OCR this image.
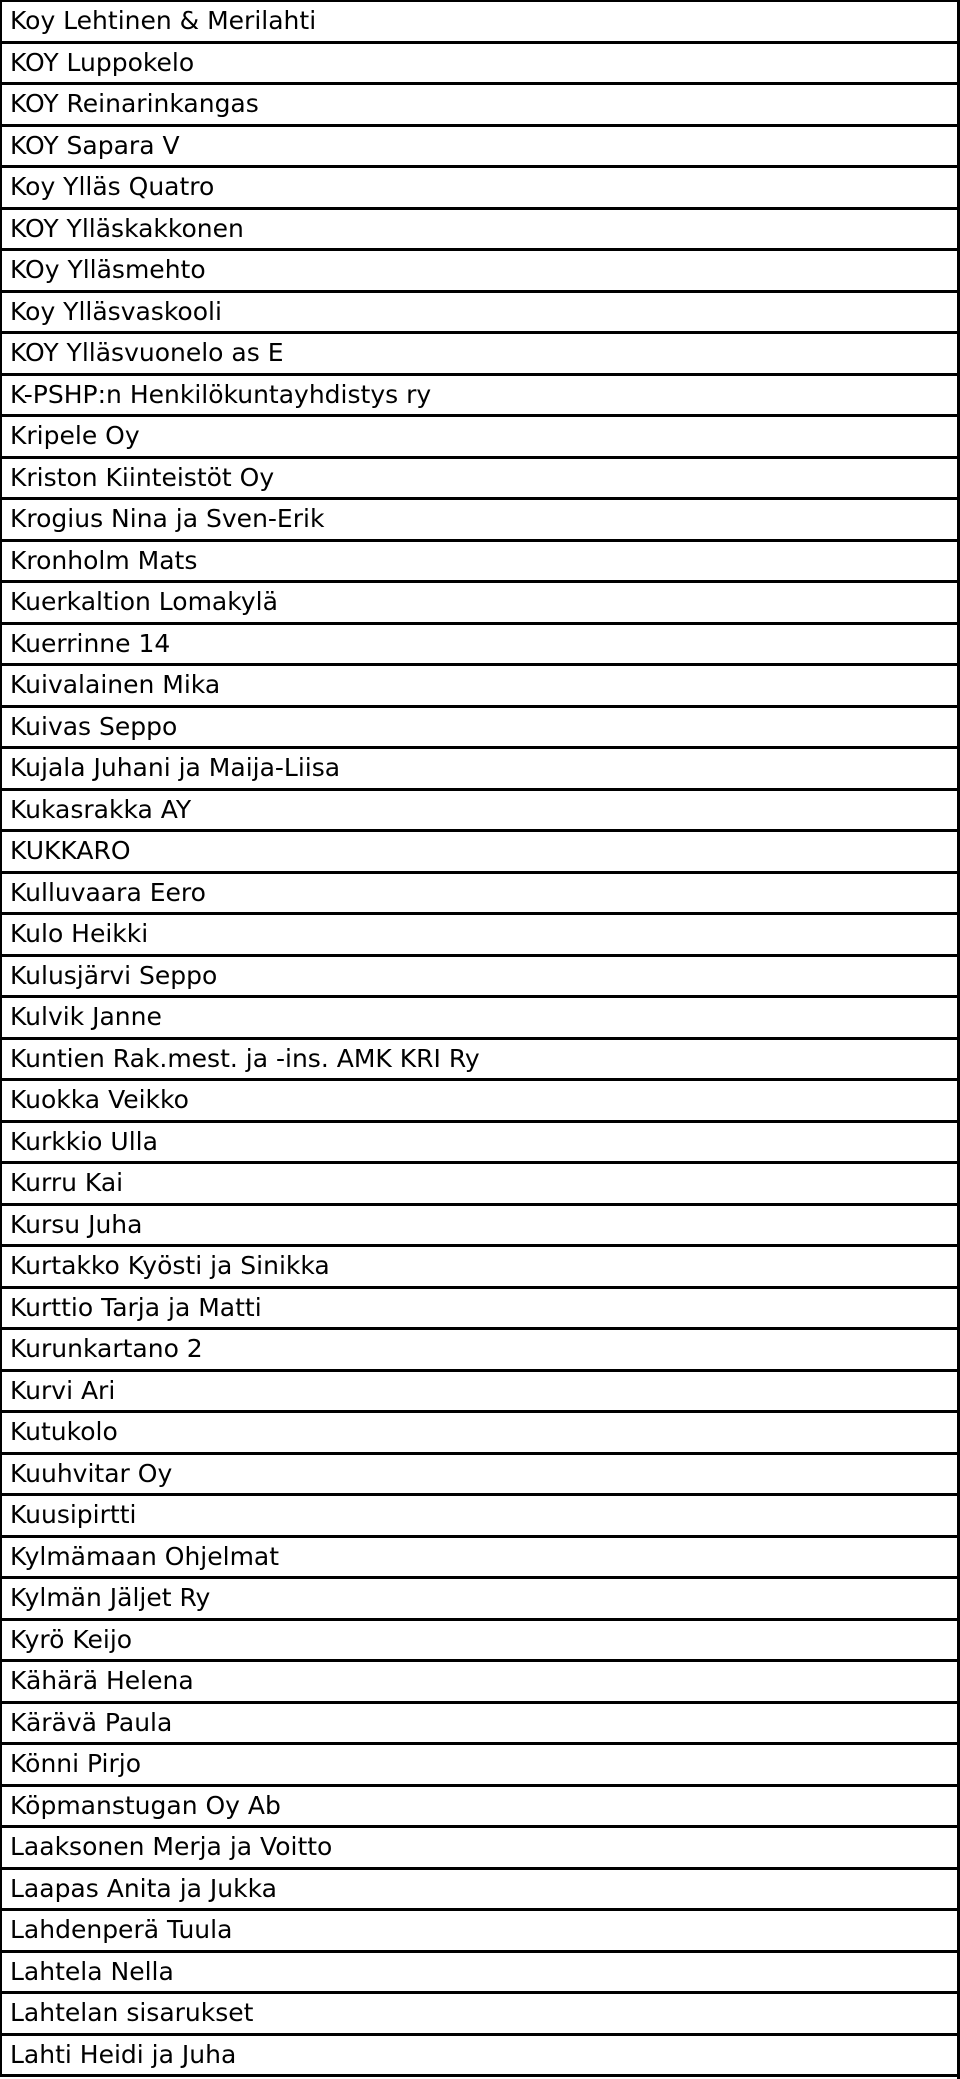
Koy Lehtinen & Merilahti
KOY Luppokelo
KOY Reinarinkangas
KOY Sapara V
Koy Ylläs Quatro
KOY Ylläskakkonen
KOy Ylläsmehto
Koy Ylläsvaskooli
KOY Ylläsvuonelo as E
K-PSHP:n Henkilökuntayhdistys ry
Kripele Oy
Kriston Kiinteistöt Oy
Krogius Nina ja Sven-Erik
Kronholm Mats
Kuerkaltion Lomakylä
Kuerrinne 14
Kuivalainen Mika
Kuivas Seppo
Kujala Juhani ja Maija-Liisa
Kukasrakka AY
KUKKARO
Kulluvaara Eero
Kulo Heikki
Kulusjärvi Seppo
Kulvik Janne
Kuntien Rak.mest. ja -ins. AMK KRI Ry
Kuokka Veikko
Kurkkio Ulla
Kurru Kai
Kursu Juha
Kurtakko Kyösti ja Sinikka
Kurttio Tarja ja Matti
Kurunkartano 2
Kurvi Ari
Kutukolo
Kuuhvitar Oy
Kuusipirtti
Kylmämaan Ohjelmat
Kylmän Jäljet Ry
Kyrö Keijo
Kähärä Helena
Kärävä Paula
Könni Pirjo
Köpmanstugan Oy Ab
Laaksonen Merja ja Voitto
Laapas Anita ja Jukka
Lahdenperä Tuula
Lahtela Nella
Lahtelan sisarukset
Lahti Heidi ja Juha
